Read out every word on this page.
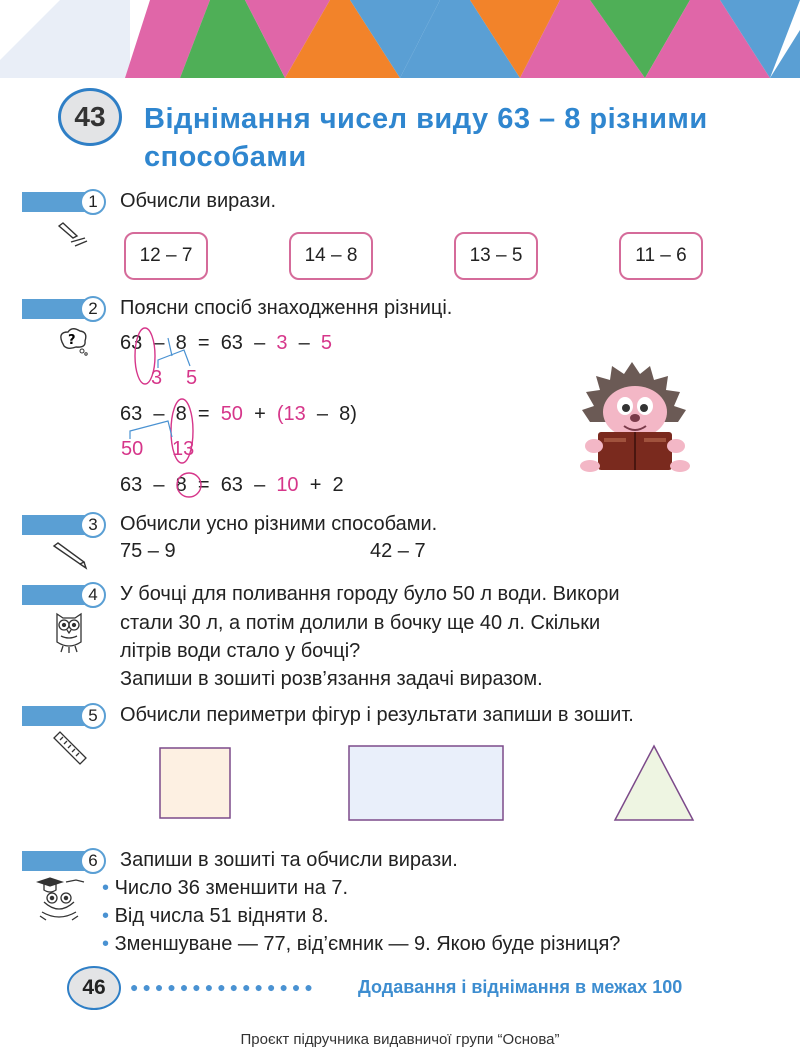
43	Віднімання чисел виду 63 – 8 різними
способами
1	Обчисли вирази.
12 – 7	14 – 8	13 – 5	11 – 6
2	Поясни спосіб знаходження різниці.
? 63 – 8 = 63 – 3 – 5
3 5
63 – 8 = 50 + (13 – 8)
50 13
63 – 8 = 63 – 10 + 2
3	Обчисли усно різними способами.
75 – 9	42 – 7
4	У бочці для поливання городу було 50 л води. Викори
стали 30 л, а потім долили в бочку ще 40 л. Скільки
літрів води стало у бочці?
Запиши в зошиті розв’язання задачі виразом.
5	Обчисли периметри фігур і результати запиши в зошит.
6	Запиши в зошиті та обчисли вирази.
• Число 36 зменшити на 7.
• Від числа 51 відняти 8.
• Зменшуване — 77, від’ємник — 9. Якою буде різниця?
46	●●●●●●●●●●●●●●● Додавання і віднімання в межах 100
Проєкт підручника видавничої групи “Основа”
